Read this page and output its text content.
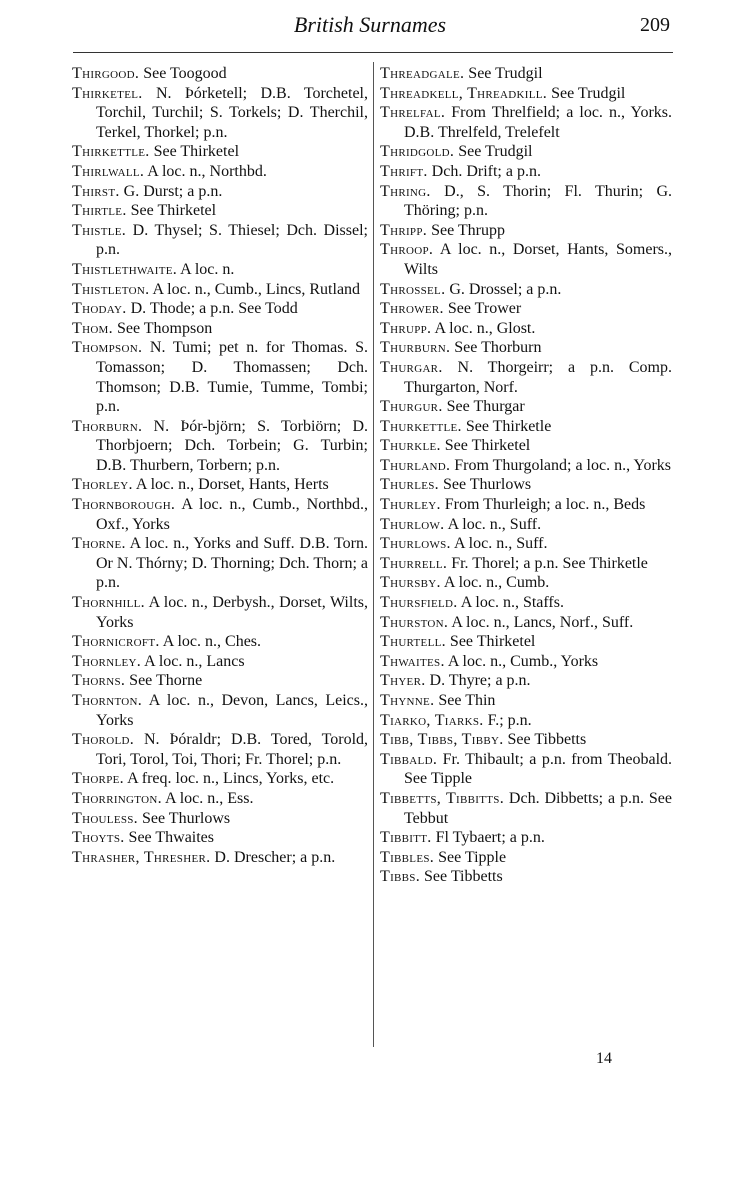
British Surnames	209
Thirgood. See Toogood
Thirketel. N. Þórketell; D.B. Torchetel, Torchil, Turchil; S. Torkels; D. Therchil, Terkel, Thorkel; p.n.
Thirkettle. See Thirketel
Thirlwall. A loc. n., Northbd.
Thirst. G. Durst; a p.n.
Thirtle. See Thirketel
Thistle. D. Thysel; S. Thiesel; Dch. Dissel; p.n.
Thistlethwaite. A loc. n.
Thistleton. A loc. n., Cumb., Lincs, Rutland
Thoday. D. Thode; a p.n. See Todd
Thom. See Thompson
Thompson. N. Tumi; pet n. for Thomas. S. Tomasson; D. Thomassen; Dch. Thomson; D.B. Tumie, Tumme, Tombi; p.n.
Thorburn. N. Þór-björn; S. Torbiörn; D. Thorbjoern; Dch. Torbein; G. Turbin; D.B. Thurbern, Torbern; p.n.
Thorley. A loc. n., Dorset, Hants, Herts
Thornborough. A loc. n., Cumb., Northbd., Oxf., Yorks
Thorne. A loc. n., Yorks and Suff. D.B. Torn. Or N. Thórny; D. Thorning; Dch. Thorn; a p.n.
Thornhill. A loc. n., Derbysh., Dorset, Wilts, Yorks
Thornicroft. A loc. n., Ches.
Thornley. A loc. n., Lancs
Thorns. See Thorne
Thornton. A loc. n., Devon, Lancs, Leics., Yorks
Thorold. N. Þóraldr; D.B. Tored, Torold, Tori, Torol, Toi, Thori; Fr. Thorel; p.n.
Thorpe. A freq. loc. n., Lincs, Yorks, etc.
Thorrington. A loc. n., Ess.
Thouless. See Thurlows
Thoyts. See Thwaites
Thrasher, Thresher. D. Drescher; a p.n.
Threadgale. See Trudgil
Threadkell, Threadkill. See Trudgil
Threlfal. From Threlfield; a loc. n., Yorks. D.B. Threlfeld, Trelefelt
Thridgold. See Trudgil
Thrift. Dch. Drift; a p.n.
Thring. D., S. Thorin; Fl. Thurin; G. Thöring; p.n.
Thripp. See Thrupp
Throop. A loc. n., Dorset, Hants, Somers., Wilts
Throssel. G. Drossel; a p.n.
Thrower. See Trower
Thrupp. A loc. n., Glost.
Thurburn. See Thorburn
Thurgar. N. Thorgeirr; a p.n. Comp. Thurgarton, Norf.
Thurgur. See Thurgar
Thurkettle. See Thirketle
Thurkle. See Thirketel
Thurland. From Thurgoland; a loc. n., Yorks
Thurles. See Thurlows
Thurley. From Thurleigh; a loc. n., Beds
Thurlow. A loc. n., Suff.
Thurlows. A loc. n., Suff.
Thurrell. Fr. Thorel; a p.n. See Thirketle
Thursby. A loc. n., Cumb.
Thursfield. A loc. n., Staffs.
Thurston. A loc. n., Lancs, Norf., Suff.
Thurtell. See Thirketel
Thwaites. A loc. n., Cumb., Yorks
Thyer. D. Thyre; a p.n.
Thynne. See Thin
Tiarko, Tiarks. F.; p.n.
Tibb, Tibbs, Tibby. See Tibbetts
Tibbald. Fr. Thibault; a p.n. from Theobald. See Tipple
Tibbetts, Tibbitts. Dch. Dibbetts; a p.n. See Tebbut
Tibbitt. Fl Tybaert; a p.n.
Tibbles. See Tipple
Tibbs. See Tibbetts
14
